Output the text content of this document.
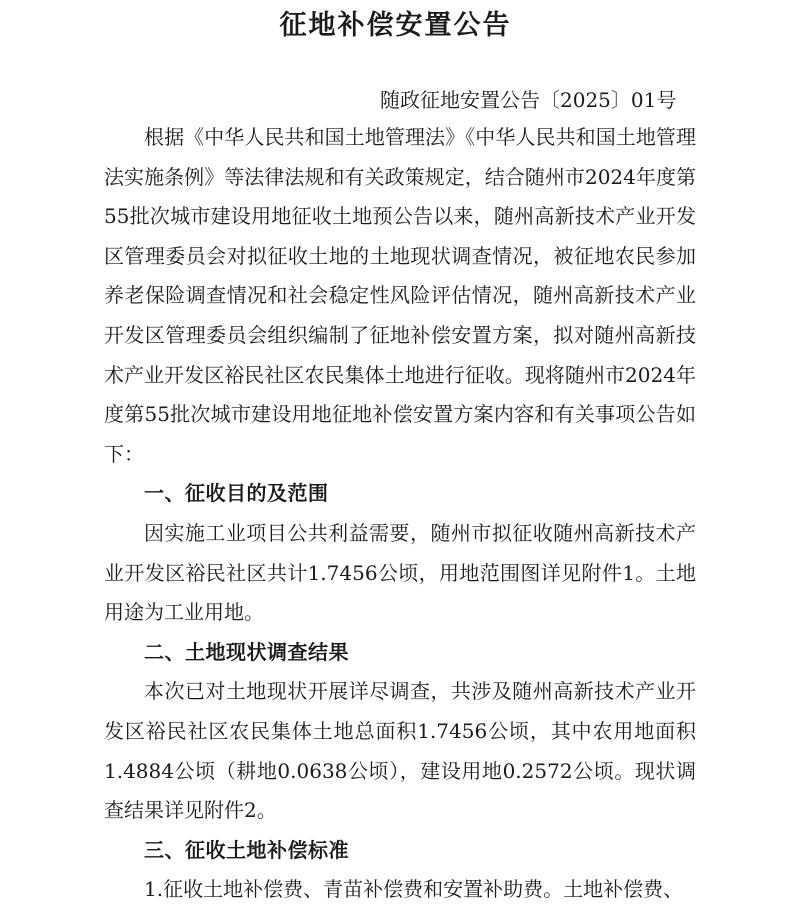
征地补偿安置公告
随政征地安置公告〔2025〕01号

根据《中华人民共和国土地管理法》《中华人民共和国土地管理法实施条例》等法律法规和有关政策规定，结合随州市2024年度第55批次城市建设用地征收土地预公告以来，随州高新技术产业开发区管理委员会对拟征收土地的土地现状调查情况，被征地农民参加养老保险调查情况和社会稳定性风险评估情况，随州高新技术产业开发区管理委员会组织编制了征地补偿安置方案，拟对随州高新技术产业开发区裕民社区农民集体土地进行征收。现将随州市2024年度第55批次城市建设用地征地补偿安置方案内容和有关事项公告如下：

一、征收目的及范围

因实施工业项目公共利益需要，随州市拟征收随州高新技术产业开发区裕民社区共计1.7456公顷，用地范围图详见附件1。土地用途为工业用地。

二、土地现状调查结果

本次已对土地现状开展详尽调查，共涉及随州高新技术产业开发区裕民社区农民集体土地总面积1.7456公顷，其中农用地面积1.4884公顷（耕地0.0638公顷），建设用地0.2572公顷。现状调查结果详见附件2。

三、征收土地补偿标准

1.征收土地补偿费、青苗补偿费和安置补助费。土地补偿费、
